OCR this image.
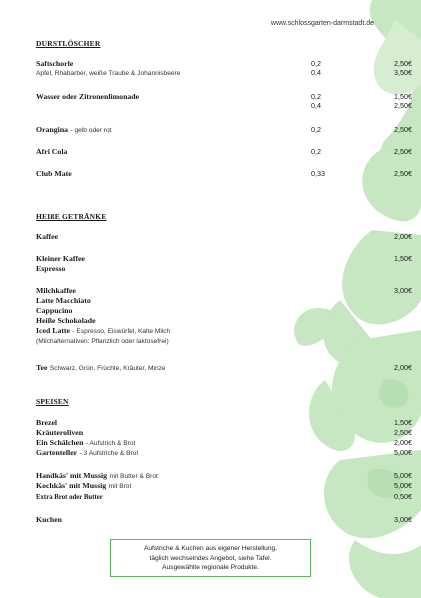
www.schlossgarten-darmstadt.de
DURSTLÖSCHER
Saftschorle	0,2	2,50€
Apfel, Rhabarber, weiße Traube & Johannisbeere	0,4	3,50€
Wasser oder Zitronenlimonade	0,2	1,50€
0,4	2,50€
Orangina - gelb oder rot	0,2	2,50€
Afri Cola	0,2	2,50€
Club Mate	0,33	2,50€
HEIßE GETRÄNKE
Kaffee	2,00€
Kleiner Kaffee	1,50€
Espresso
Milchkaffee	3,00€
Latte Macchiato
Cappucino
Heiße Schokolade
Iced Latte - Espresso, Eiswürfel, Kalte Milch
(Milchalternativen: Pflanzlich oder laktosefrei)
Tee Schwarz, Grün, Früchte, Kräuter, Minze	2,00€
SPEISEN
Brezel	1,50€
Kräuteroliven	2,50€
Ein Schälchen - Aufstrich & Brot	2,00€
Gartenteller - 3 Aufstriche & Brot	5,00€
Handkäs' mit Mussig mit Butter & Brot	5,00€
Kochkäs' mit Mussig mit Brot	5,00€
Extra Brot oder Butter	0,50€
Kuchen	3,00€
Aufstriche & Kuchen aus eigener Herstellung,
täglich wechselndes Angebot, siehe Tafel.
Ausgewählte regionale Produkte.
